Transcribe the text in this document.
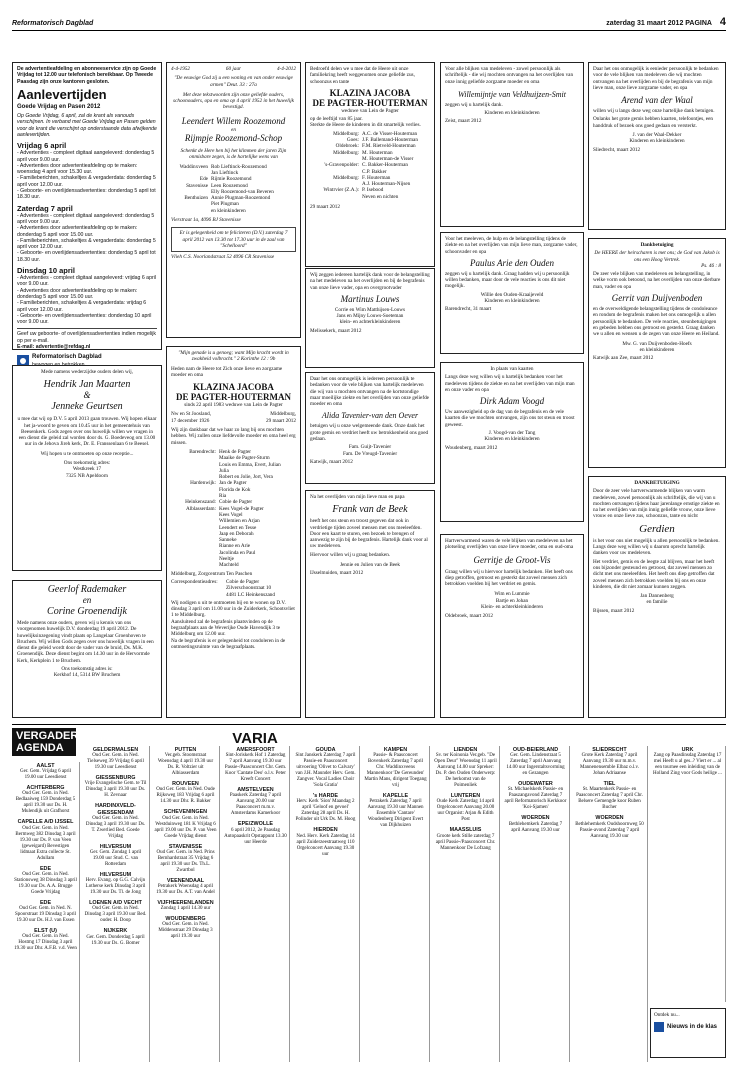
Reformatorisch Dagblad	zaterdag 31 maart 2012 PAGINA 4
De advertentieafdeling en abonneeservice zijn op Goede Vrijdag tot 12.00 uur telefonisch bereikbaar. Op Tweede Paasdag zijn onze kantoren gesloten.
Aanlevertijden
Goede Vrijdag en Pasen 2012
Op Goede Vrijdag, 6 april, zal de krant als vanouds verschijnen. In verband met Goede Vrijdag en Pasen gelden voor de krant die verschijnt op onderstaande data afwijkende aanlevertijden.
Vrijdag 6 april
- Advertenties - compleet digitaal aangeleverd: donderdag 5 april voor 9.00 uur.
- Advertenties door advertentieafdeling op te maken: woensdag 4 april voor 15.30 uur.
- Familieberichten, schakeltjes & vergaderdata: donderdag 5 april voor 12.00 uur.
- Geboorte- en overlijdensadvertenties: donderdag 5 april tot 18.30 uur.
Zaterdag 7 april
- Advertenties - compleet digitaal aangeleverd: donderdag 5 april voor 9.00 uur.
- Advertenties door advertentieafdeling op te maken: donderdag 5 april voor 15.00 uur.
- Familieberichten, schakeltjes & vergaderdata: donderdag 5 april voor 12.00 uur.
- Geboorte- en overlijdensadvertenties: donderdag 5 april tot 18.30 uur.
Dinsdag 10 april
- Advertenties - compleet digitaal aangeleverd: vrijdag 6 april voor 9.00 uur.
- Advertenties door advertentieafdeling op te maken: donderdag 5 april voor 15.00 uur.
- Familieberichten, schakeltjes & vergaderdata: vrijdag 6 april voor 12.00 uur.
- Geboorte- en overlijdensadvertenties: donderdag 10 april voor 9.00 uur.
Geef uw geboorte- of overlijdensadvertenties indien mogelijk op per e-mail.
E-mail: advertentie@refdag.nl
Reformatorisch Dagblad
4-4-1952	60 jaar	4-4-2012
"De eeuwige God zij u een woning en van onder eeuwige armen" Deut. 33 : 27a
Met deze tekstwoorden zijn onze geliefde ouders, schoonouders, opa en oma op 4 april 1952 in het huwelijk bevestigd.
Leendert Willem Roozemond
en
Rijmpje Roozemond-Schop
Schenkt de Here hen bij het klimmen der jaren Zijn onmisbare zegen, is de hartelijke wens van
Waddinxveen Rob Lieftinck-Roozemond
Jan Lieftinck
Ede Rijmie Roozemond
Stavenisse Leen Roozemond
Elly Roozemond-van Beveren
Benthuizen Annie Plugman-Roozemond
Piet Plugman
en kleinkinderen
Vierstraat 1a, 4096 BJ Stavenisse
Er is gelegenheid om te feliciteren (D.V.) zaterdag 7 april 2012 van 13.30 tot 17.30 uur in de zaal van "Schelloord"
Vlieh C.S. Noorlandstraat 52 4096 CR Stavenisse
Mede namens wederzijdse ouders delen wij,
Hendrik Jan Maarten
&
Jenneke Geurtsen
u mee dat wij op D.V. 5 april 2013 gaan trouwen. Wij hopen elkaar het ja-woord te geven om 10.45 uur in het gemeentehuis van Beesenkerk. Gods zegen over ons huwelijk willen we vragen in een dienst die geleid zal worden door ds. G. Boedeveog om 13.00 uur in de Jehova Jireh kerk, Dr. E. Franssenlaan 6 te Beesel.
Wij hopen u te ontmoeten op onze receptie...
Ons toekomstig adres:
Westkreek 17
7325 NB Apeldoorn
Geerlof Rademaker
en
Corine Groenendijk
Mede namens onze ouders, geven wij u kennis van ons voorgenomen huwelijk D.V. donderdag 19 april 2012. De huwelijksinzegening vindt plaats op Langelaar Groenhoven te Bruchem. Wij willen Gods zegen over ons huwelijk vragen in een dienst die geleid wordt door de vader van de bruid, Ds. M.K. Groenendijk. Deze dienst begint om 14.30 uur in de Hervormde Kerk, Kerkplein 1 te Bruchem.
Ons toekomstig adres is:
Kerkhof 14, 5314 BW Bruchem
"Mijn genade is u genoeg; want Mijn kracht wordt in zwakheid volbracht." 2 Korinthe 12 : 9b
Heden nam de Heere tot Zich onze lieve en zorgzame moeder en oma
KLAZINA JACOBA
DE PAGTER-HOUTERMAN
sinds 22 april 1983 weduwe van Lein de Pagter
Nw en St Joosland,	Middelburg,
17 december 1926	29 maart 2012
Wij zijn dankbaar dat we haar zo lang bij ons mochten hebben. Wij zullen onze liefdevolle moeder en oma heel erg missen.
Barendrecht: Henk de Pagter
Maaike de Pagter-Sturm
Louis en Emma, Evert, Julian
Julia
Robert en Jolie, Jort, Vera
Hardenwijk: Jan de Pagter
Florida de Kok
Ria
Heinkenszand: Cobie de Pagter
Alblasserdam: Kees Vogel-de Pagter
Kees Vogel
Willemien en Arjan
Leendert en Tesse
Jaap en Deborah
Sanneke
Rianne en Arie
Jacolinda en Paul
Neeltje
Machteld
Middelburg, Zorgcentrum Ten Paschen
Correspondentieadres:	Cobie de Pagter
Zilverschoonstraat 10
4481 LC Heinkenszand
Wij nodigen u uit te ontmoeten bij en te wonen op D.V. dinsdag 3 april om 11.00 uur in de Zuiderkerk, Schootsvliet 1 te Middelburg.
Aansluitend zal de begrafenis plaatsvinden op de begraafplaats aan de Weverijke Oude Havendijk 3 te Middelburg om 12.00 uur.
Na de begrafenis is er gelegenheid tot condoleren in de ontmoetingsruimte van de begraafplaats.
Bedroefd delen we u mee dat de Heere uit onze familiekring heeft weggenomen onze geliefde zus, schoonzus en tante
KLAZINA JACOBA
DE PAGTER-HOUTERMAN
weduwe van Lein de Pagter
op de leeftijd van 85 jaar.
Sterkte de Heere de kinderen in dit smartelijk verlies.
Middelburg: A.C. de Visser-Houterman
Goes: J.F. Ballemand-Houterman
Oldebroek: F.M. Rietveld-Houterman
Middelburg: M. Houterman
M. Houterman-de Visser
's-Gravenpolder: C. Bakker-Houterman
C.P. Bakker
Middelburg: F. Houterman
A.J. Houterman-Nijsen
Wintrvier (Z.A.): P. Isebood
Neven en nichten
29 maart 2012
Wij zeggen iedereen hartelijk dank voor de belangstelling na het medeleven na het overlijden en bij de begrafenis van onze lieve vader, opa en overgrootvader
Martinus Louws
Corrie en Wim Matthijsen-Louws
Jans en Mijny Louws-Soeteman
klein- en achterkleinkinderen
Melissekerk, maart 2012
Daar het ons onmogelijk is iedereen persoonlijk te bedanken voor de vele blijken van hartelijk medeleven die wij van u mochten ontvangen na de kortstondige maar moeilijke ziekte en het overlijden van onze geliefde moeder en oma
Alida Tavenier-van den Oever
betuigen wij u onze welgemeende dank. Onze dank het grote gemis en verdriet heeft uw betrokkenheid ons goed gedaan.
Fam. Guijt-Tavenier
Fam. De Vreugd-Tavenier
Katwijk, maart 2012
Na het overlijden van mijn lieve man en papa
Frank van de Beek
heeft het ons steun en troost gegeven dat ook in verdrietige tijden zoveel mensen met ons meeleefden. Door een kaart te sturen, een bezoek te brengen of aanwezig te zijn bij de begrafenis. Hartelijk dank voor al uw medeleven.
Hiervoor willen wij u graag bedanken.
Jennie en Julien van de Beek
IJsselmuiden, maart 2012
Voor alle blijken van medeleven - zowel persoonlijk als schriftelijk - die wij mochten ontvangen na het overlijden van onze innig geliefde zorgzame moeder en oma
Willemijntje van Veldhuijzen-Smit
zeggen wij u hartelijk dank.
Kinderen en kleinkinderen
Zeist, maart 2012
Voor het meeleven, de hulp en de belangstelling tijdens de ziekte en na het overlijden van mijn lieve man, zorgzame vader, schoonvader en opa
Paulus Arie den Ouden
zeggen wij u hartelijk dank. Graag hadden wij u persoonlijk willen bedanken, maar door de vele reacties is ons dit niet mogelijk.
Willie den Ouden-Kraaijeveld
Kinderen en kleinkinderen
Barendrecht, 31 maart
In plaats van kaarten
Langs deze weg willen wij u hartelijk bedanken voor het medeleven tijdens de ziekte en na het overlijden van mijn man en onze vader en opa
Dirk Adam Voogd
Uw aanwezigheid op de dag van de begrafenis en de vele kaarten die we mochten ontvangen, zijn ons tot steun en troost geweest.
J. Voogd-van der Tang
Kinderen en kleinkinderen
Woudenberg, maart 2012
Hartverwarmend waren de vele blijken van medeleven na het plotseling overlijden van onze lieve moeder, oma en oud-oma
Gerritje de Groot-Vis
Graag willen wij u hiervoor hartelijk bedanken. Het heeft ons diep getroffen, getroost en gesterkt dat zoveel mensen zich betrokken voelden bij het verdriet en gemis.
Wim en Lummie
Bartje en Johan
Klein- en achterkleinkinderen
Oldebroek, maart 2012
Daar het ons onmogelijk is eenieder persoonlijk te bedanken voor de vele blijken van medeleven die wij mochten ontvangen na het overlijden en bij de begrafenis van mijn lieve man, onze lieve zorgzame vader, en opa
Arend van der Waal
willen wij u langs deze weg onze hartelijke dank betuigen.
Onlanks het grote gemis hebben kaarten, telefoontjes, een handdruk of bezoek ons goed gedaan en versterkt.
J. van der Waal-Dekker
Kinderen en kleinkinderen
Sliedrecht, maart 2012
Dankbetuiging
De HEERE der heirscharen is met ons; de God van Jakob is ons een Hoog Vertrek.
Ps. 46 : 8
De zeer vele blijken van medeleven en belangstelling, in welke vorm ook betoond, na het overlijden van onze dierbare man, vader en opa
Gerrit van Duijvenboden
en de overweldigende belangstelling tijdens de condoleance en rondom de begrafenis maken het ons onmogelijk u allen persoonlijk te bedanken. De vele reacties, steunbetuigingen en gebeden hebben ons getroost en gesterkt. Graag danken we u allen en wensen u de zegen van onze Heere en Heiland.
Mw. G. van Duijvenboden-Hoefs
en kleinkinderen
Katwijk aan Zee, maart 2012
DANKBETUIGING
Door de zeer vele hartverwarmende blijken van warm medeleven, zowel persoonlijk als schriftelijk, die wij van u mochten ontvangen tijdens haar jarenlange ernstige ziekte en na het overlijden van mijn innig geliefde vrouw, onze lieve vrouw en onze lieve zus, schoonzus, tante en nicht
Gerdien
is het voor ons niet mogelijk u allen persoonlijk te bedanken. Langs deze weg willen wij u daarom oprecht hartelijk danken voor uw medeleven.
Het verdriet, gemis en de leegte zal blijven, maar het heeft ons bijzonder gesteund en getroost, dat zoveel mensen zo dicht met ons meeleefden. Het heeft ons diep getroffen dat zoveel mensen zich betrokken voelden bij ons en onze kinderen, die dit niet zomaar kunnen zeggen.
Jan Dannenberg
en familie
Bijssen, maart 2012
VERGADER-
AGENDA
VARIA
AALST
Ger. Gem. Vrijdag 6 april 19.00 uur Leesdienst
ACHTERBERG
Oud Ger. Gem. in Ned. Bedlaaiweg 159 Donderdag 5 april 19.30 uur Ds. H. Mulendijk uit Grafhorst
CAPELLE A/D IJSSEL
Oud Ger. Gem. in Ned. Bermweg 382 Dinsdag 3 april 19.30 uur Ds. P. van Veen (geweigard) Bevestigen lidmaat Extra collecte St. Adullam
EDE
Oud Ger. Gem. in Ned. Stationsweg 38 Dinsdag 3 april 19.30 uur Ds. A.A. Brugge Goede Vrijdag
EDE
Oud Ger. Gem. in Ned. N. Spoorstraat 19 Dinsdag 3 april 19.30 uur Ds. H.J. van Essen
ELST (U)
Oud Ger. Gem. in Ned. Hostmg 17 Dinsdag 3 april 19.30 uur Dhr. A.F.B. v.d. Veen
GELDERMALSEN
Oud Ger. Gem. in Ned. Tielseweg 39 Vrijdag 6 april 19.30 uur Leesdienst
GIESSENBURG
Vrije Evangelische Gem. te Til Dinsdag 3 april 19.30 uur Ds. H. Zevnaar
HARDINXVELD-GIESSENDAM
Oud Ger. Gem. in Ned. Dinsdag 3 april 19.30 uur Ds. T. Zwerlied Bed. Goede Vrijdag
HILVERSUM
Ger. Gem. Zondag 1 april 19.00 uur Stud. C. van Rotterdam
HILVERSUM
Herv. Evang. op G.G. Calvijn Lotherse kerk Dinsdag 3 april 19.30 uur Ds. Tl. de Jong
LOENEN A/D VECHT
Oud Ger. Gem. in Ned. Dinsdag 3 april 19.30 uur Bed. ouder. H. Doop
NIJKERK
Ger. Gem. Donderdag 5 april 19.30 uur Ds. G. Bomer
PUTTEN
Ver.geb. Stoomstraat Woensdag 4 april 19.30 uur Ds. R. Voltzier uit Albiasserdam
ROUVEEN
Oud Ger. Gem. in Ned. Oude Rijksweg 183 Vrijdag 6 april 14.30 uur Dhr. R. Bakker
SCHEVENINGEN
Oud Ger. Gem. in Ned. Westduinweg 181 K Vrijdag 6 april 19.00 uur Ds. P. van Veen Goede Vrijdag dienst
STAVENISSE
Oud Ger. Gem. in Ned. Prins Bernhardstraat 35 Vrijdag 6 april 19.30 uur Ds. Th.L. Zwartbol
VEENENDAAL
Petrakerk Woensdag 4 april 19.30 uur Ds. A.T. van Andel
VIJFHEERENLANDEN
Zondag 1 april 14.30 uur
WOUDENBERG
Oud Ger. Gem. in Ned. Middenstraat 29 Dinsdag 3 april 19.30 uur
AMERSFOORT
Sint-Joriskerk Hof 1 Zaterdag 7 april Aanvang 19.30 uur Passie-/Paasconcert Chr. Gem. Koor 'Cantate Deo' o.l.v. Peter Kreeft Concert
AMSTELVEEN
Paaskerk Zaterdag 7 april Aanvang 20.00 uur Paasconcert m.m.v. Amsterdams Kamerkoor
EPE/ZWOLLE
6 april 2012, 2e Paasdag Autopaaskrit Opstappunt 13.30 uur Heerde
GOUDA
Sint Janskerk Zaterdag 7 april Passie-en Paasconcert uitvoering 'Olivet to Calvary' van J.H. Maunder Herv. Gem. Zangver. Vocal Ladies Choir 'Sola Gratia'
's HARDE
Herv. Kerk 'Sion' Maandag 2 april 'Geloof en gevoel' Zaterdag 28 april Ds. H. Polinder uit Urk Ds. M. Hoog
HIERDEN
Ned. Herv. Kerk Zaterdag 14 april Zuiderzeestraatweg 110 Orgelconcert Aanvang 19.30 uur
KAMPEN
Passie- & Paasconcert Bovenkerk Zaterdag 7 april Chr. Waddinxveens Mannenkoor 'De Gereunden' Martin Mans, dirigent Toegang vrij
KAPELLE
Petrakerk Zaterdag 7 april Aanvang 19.30 uur Mannen Ensemble 'Cantare' Woudenberg Dirigent Evert van Dijkhuizen
LIENDEN
Sv. ter Koinonia Ver.geb. "De Open Deur" Woensdag 11 april Aanvang 14.00 uur Spreker: Ds. P. den Ouden Onderwerp: De herkomst van de Poimenliek
LUNTEREN
Oude Kerk Zaterdag 14 april Orgelconcert Aanvang 20.00 uur Organist: Arjan & Edith Post
MAASSLUIS
Groote kerk Stille zaterdag 7 april Passie-/Paasconcert Chr. Mannenkoor De Lofzang
OUD-BEIERLAND
Ger. Gem. Lindenstraat 5 Zaterdag 7 april Aanvang 14.00 uur Ingerstaltsvorming en Gezangen
OUDEWATER
St. Michaelskerk Passie- en Paaszangavond Zaterdag 7 april Reformatorisch Kerkkoor 'Koi-Sjamen'
WOERDEN
Bethlehemkerk Zaterdag 7 april Aanvang 19.30 uur
SLIEDRECHT
Grote Kerk Zaterdag 7 april Aanvang 19.30 uur m.m.v. Mannenensemble Elbaz o.l.v. Johan Adriaanse
TIEL
St. Maartenkerk Passie- en Paasconcert Zaterdag 7 april Chr. Belsere Gemengde koor Ruben Bucher
WOERDEN
Bethlehemkerk Oudshoornweg 50 Passie-avond Zaterdag 7 april Aanvang 19.30 uur
URK
Zang op Paasdinsdag Zaterdag 17 mei Heeft u al ges..? Viert er ... al een tournee een inleiding van de Holland Zing voor Gods heilige ...
Ontdek nu...
Nieuws in de klas
